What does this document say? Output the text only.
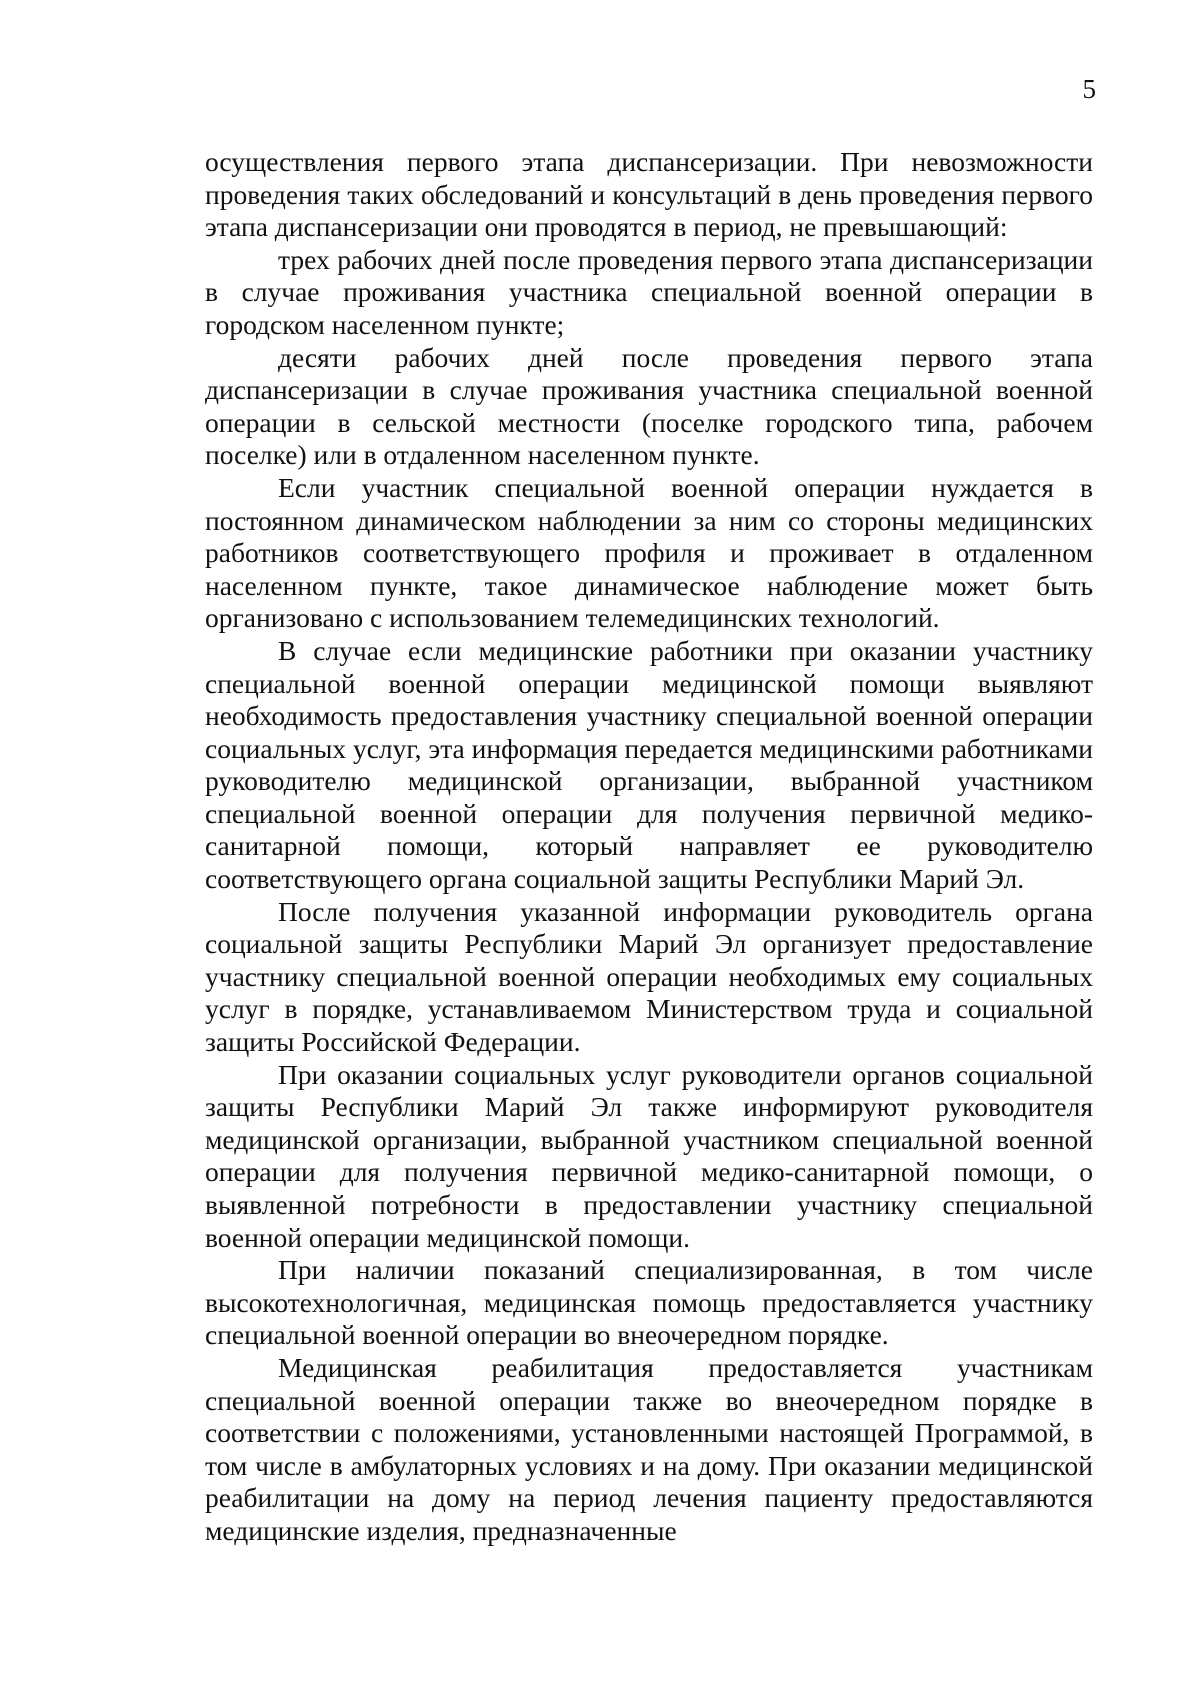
5

осуществления первого этапа диспансеризации. При невозможности проведения таких обследований и консультаций в день проведения первого этапа диспансеризации они проводятся в период, не превышающий:

трех рабочих дней после проведения первого этапа диспансеризации в случае проживания участника специальной военной операции в городском населенном пункте;

десяти рабочих дней после проведения первого этапа диспансеризации в случае проживания участника специальной военной операции в сельской местности (поселке городского типа, рабочем поселке) или в отдаленном населенном пункте.

Если участник специальной военной операции нуждается в постоянном динамическом наблюдении за ним со стороны медицинских работников соответствующего профиля и проживает в отдаленном населенном пункте, такое динамическое наблюдение может быть организовано с использованием телемедицинских технологий.

В случае если медицинские работники при оказании участнику специальной военной операции медицинской помощи выявляют необходимость предоставления участнику специальной военной операции социальных услуг, эта информация передается медицинскими работниками руководителю медицинской организации, выбранной участником специальной военной операции для получения первичной медико-санитарной помощи, который направляет ее руководителю соответствующего органа социальной защиты Республики Марий Эл.

После получения указанной информации руководитель органа социальной защиты Республики Марий Эл организует предоставление участнику специальной военной операции необходимых ему социальных услуг в порядке, устанавливаемом Министерством труда и социальной защиты Российской Федерации.

При оказании социальных услуг руководители органов социальной защиты Республики Марий Эл также информируют руководителя медицинской организации, выбранной участником специальной военной операции для получения первичной медико-санитарной помощи, о выявленной потребности в предоставлении участнику специальной военной операции медицинской помощи.

При наличии показаний специализированная, в том числе высокотехнологичная, медицинская помощь предоставляется участнику специальной военной операции во внеочередном порядке.

Медицинская реабилитация предоставляется участникам специальной военной операции также во внеочередном порядке в соответствии с положениями, установленными настоящей Программой, в том числе в амбулаторных условиях и на дому. При оказании медицинской реабилитации на дому на период лечения пациенту предоставляются медицинские изделия, предназначенные
